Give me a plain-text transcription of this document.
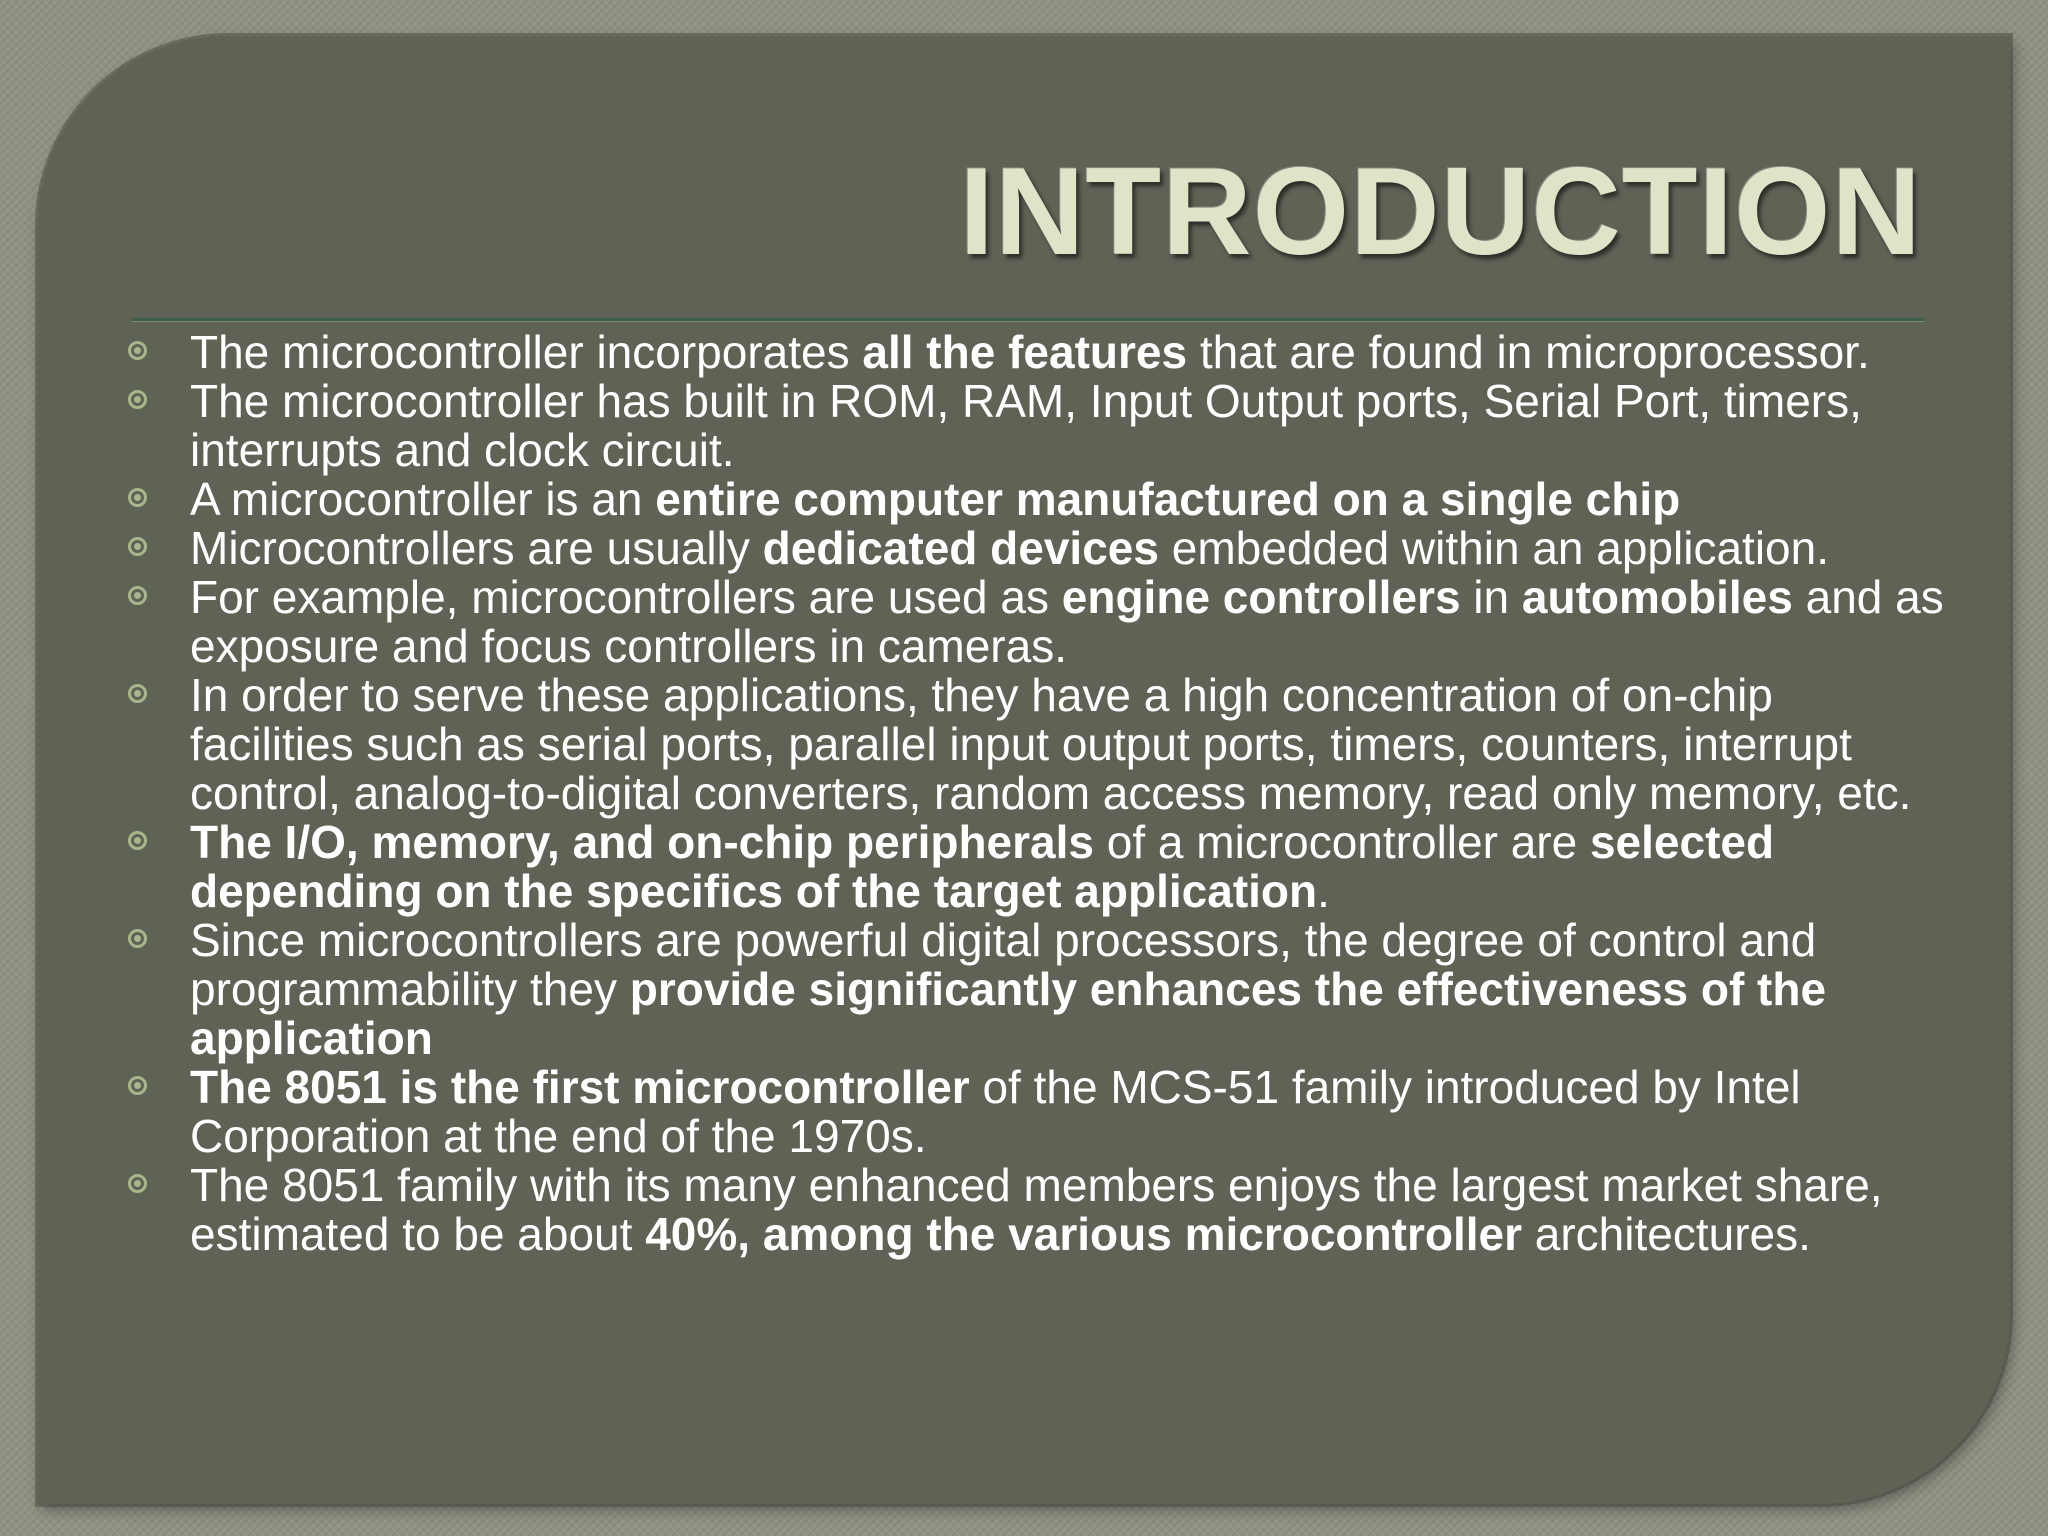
INTRODUCTION
The microcontroller incorporates all the features that are found in microprocessor.
The microcontroller has built in ROM, RAM, Input Output ports, Serial Port, timers, interrupts and clock circuit.
A microcontroller is an entire computer manufactured on a single chip
Microcontrollers are usually dedicated devices embedded within an application.
For example, microcontrollers are used as engine controllers in automobiles and as exposure and focus controllers in cameras.
In order to serve these applications, they have a high concentration of on-chip facilities such as serial ports, parallel input output ports, timers, counters, interrupt control, analog-to-digital converters, random access memory, read only memory, etc.
The I/O, memory, and on-chip peripherals of a microcontroller are selected depending on the specifics of the target application.
Since microcontrollers are powerful digital processors, the degree of control and programmability they provide significantly enhances the effectiveness of the application
The 8051 is the first microcontroller of the MCS-51 family introduced by Intel Corporation at the end of the 1970s.
The 8051 family with its many enhanced members enjoys the largest market share, estimated to be about 40%, among the various microcontroller architectures.
